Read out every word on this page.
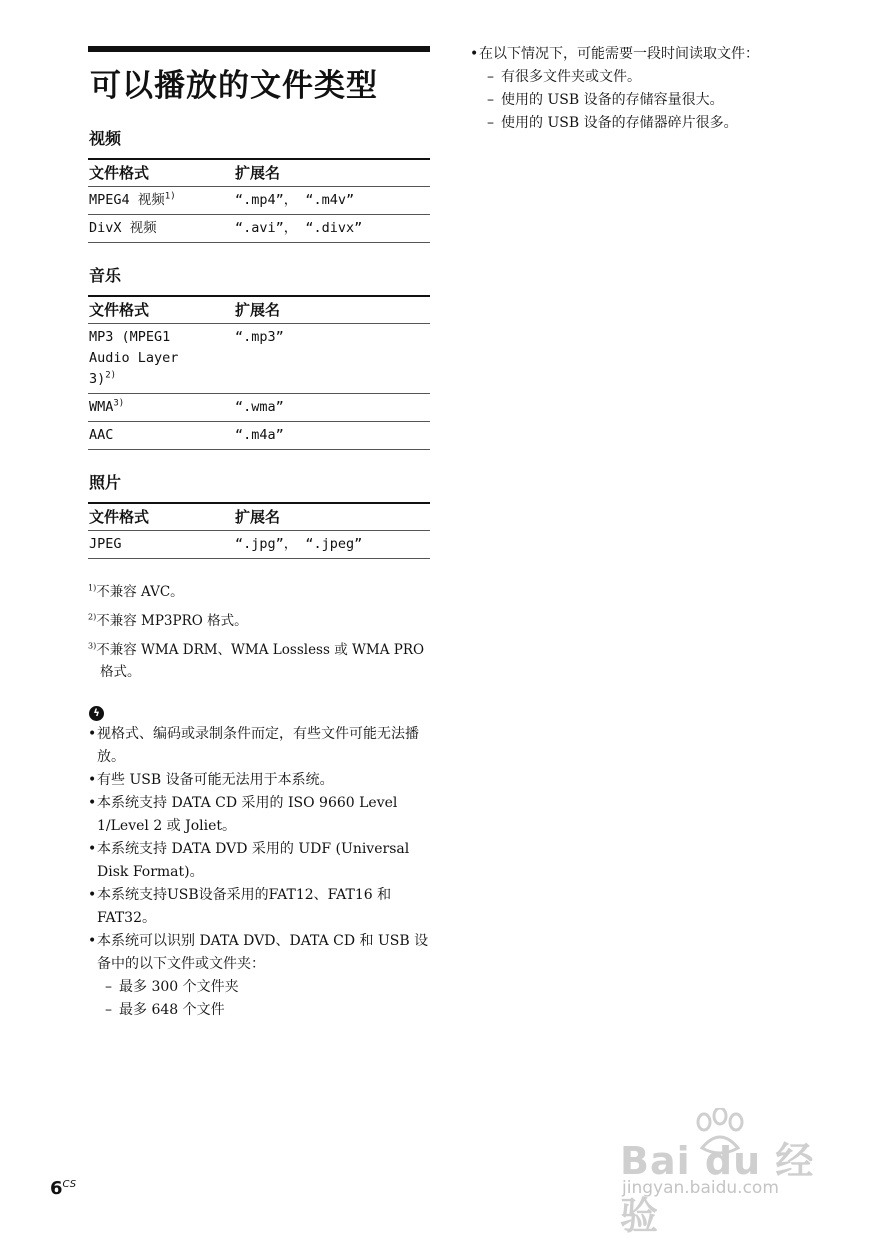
可以播放的文件类型
视频
文件格式	扩展名
MPEG4 视频$^{1)}$	“.mp4”， “.m4v”
DivX 视频	“.avi”， “.divx”
音乐
文件格式	扩展名

MP3 (MPEG1
Audio Layer
3)$^{2)}$	“.mp3”
WMA$^{3)}$	“.wma”
AAC	“.m4a”
照片
文件格式	扩展名
JPEG	“.jpg”， “.jpeg”
$^{1)}$不兼容 AVC。
$^{2)}$不兼容 MP3PRO 格式。
$^{3)}$不兼容 WMA DRM、WMA Lossless 或 WMA PRO 格式。
ϟ
• 视格式、编码或录制条件而定，有些文件可能无法播放。
• 有些 USB 设备可能无法用于本系统。
• 本系统支持 DATA CD 采用的 ISO 9660 Level 1/Level 2 或 Joliet。
• 本系统支持 DATA DVD 采用的 UDF (Universal Disk Format)。
• 本系统支持USB设备采用的FAT12、FAT16 和 FAT32。
• 本系统可以识别 DATA DVD、DATA CD 和 USB 设备中的以下文件或文件夹：
– 最多 300 个文件夹
– 最多 648 个文件
• 在以下情况下，可能需要一段时间读取文件：
– 有很多文件夹或文件。
– 使用的 USB 设备的存储容量很大。
– 使用的 USB 设备的存储器碎片很多。
$6^{CS}$
Bai du 经验
jingyan.baidu.com
